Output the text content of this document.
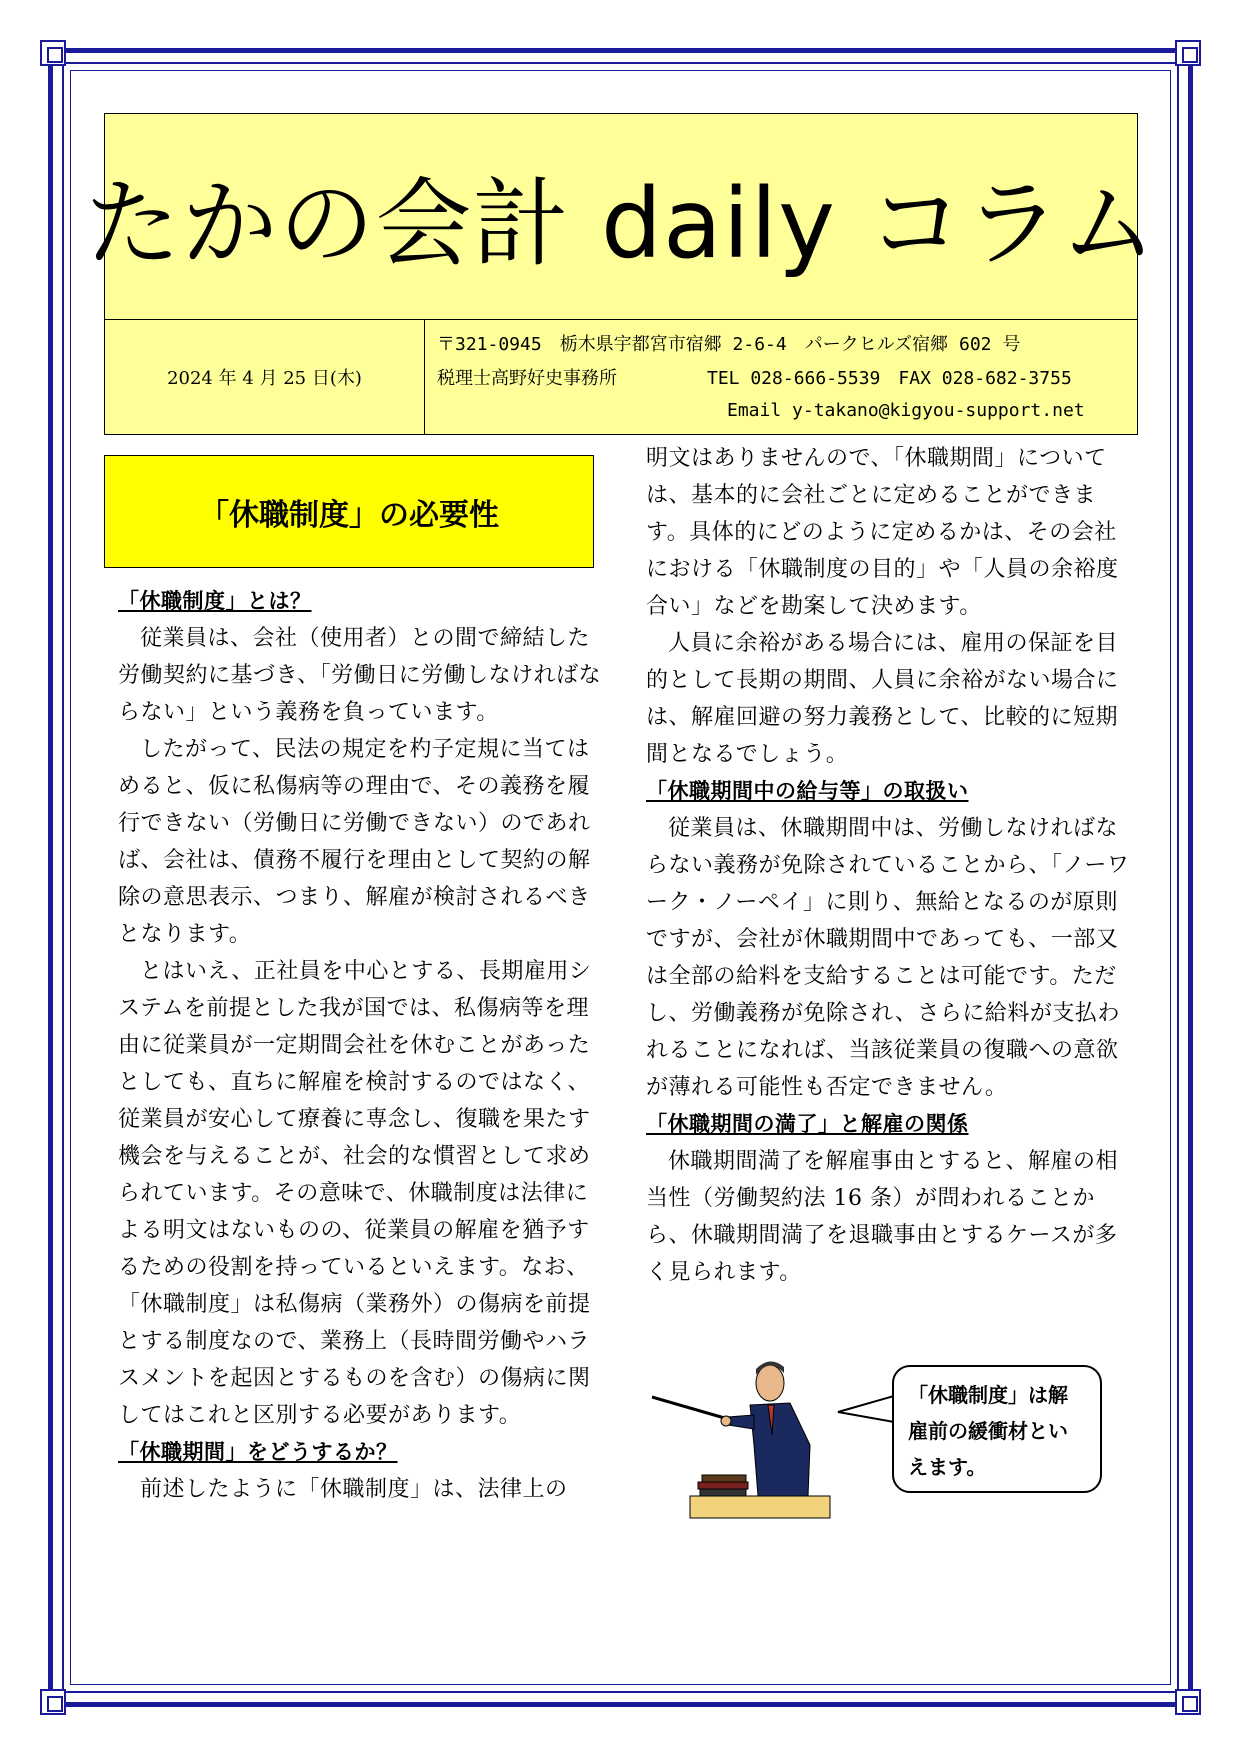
たかの会計 daily コラム
2024 年 4 月 25 日(木)
〒321-0945　栃木県宇都宮市宿郷 2-6-4　パークヒルズ宿郷 602 号
税理士高野好史事務所	TEL 028-666-5539　FAX 028-682-3755
Email y-takano@kigyou-support.net
「休職制度」の必要性
「休職制度」とは？

従業員は、会社（使用者）との間で締結した労働契約に基づき、「労働日に労働しなければならない」という義務を負っています。

したがって、民法の規定を杓子定規に当てはめると、仮に私傷病等の理由で、その義務を履行できない（労働日に労働できない）のであれば、会社は、債務不履行を理由として契約の解除の意思表示、つまり、解雇が検討されるべきとなります。

とはいえ、正社員を中心とする、長期雇用システムを前提とした我が国では、私傷病等を理由に従業員が一定期間会社を休むことがあったとしても、直ちに解雇を検討するのではなく、従業員が安心して療養に専念し、復職を果たす機会を与えることが、社会的な慣習として求められています。その意味で、休職制度は法律による明文はないものの、従業員の解雇を猶予するための役割を持っているといえます。なお、「休職制度」は私傷病（業務外）の傷病を前提とする制度なので、業務上（長時間労働やハラスメントを起因とするものを含む）の傷病に関してはこれと区別する必要があります。

「休職期間」をどうするか？

前述したように「休職制度」は、法律上の

明文はありませんので、「休職期間」については、基本的に会社ごとに定めることができます。具体的にどのように定めるかは、その会社における「休職制度の目的」や「人員の余裕度合い」などを勘案して決めます。

人員に余裕がある場合には、雇用の保証を目的として長期の期間、人員に余裕がない場合には、解雇回避の努力義務として、比較的に短期間となるでしょう。

「休職期間中の給与等」の取扱い

従業員は、休職期間中は、労働しなければならない義務が免除されていることから、「ノーワーク・ノーペイ」に則り、無給となるのが原則ですが、会社が休職期間中であっても、一部又は全部の給料を支給することは可能です。ただし、労働義務が免除され、さらに給料が支払われることになれば、当該従業員の復職への意欲が薄れる可能性も否定できません。

「休職期間の満了」と解雇の関係

休職期間満了を解雇事由とすると、解雇の相当性（労働契約法 16 条）が問われることから、休職期間満了を退職事由とするケースが多く見られます。

「休職制度」は解雇前の緩衝材といえます。
